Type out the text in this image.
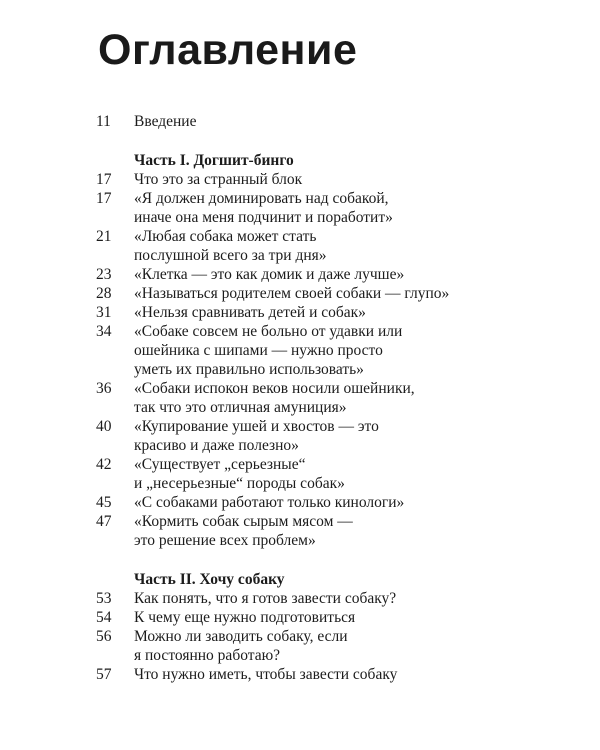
Оглавление
11	Введение
Часть I. Догшит-бинго
17	Что это за странный блок
17	«Я должен доминировать над собакой,
иначе она меня подчинит и поработит»
21	«Любая собака может стать
послушной всего за три дня»
23	«Клетка — это как домик и даже лучше»
28	«Называться родителем своей собаки — глупо»
31	«Нельзя сравнивать детей и собак»
34	«Собаке совсем не больно от удавки или
ошейника с шипами — нужно просто
уметь их правильно использовать»
36	«Собаки испокон веков носили ошейники,
так что это отличная амуниция»
40	«Купирование ушей и хвостов — это
красиво и даже полезно»
42	«Существует „серьезные“
и „несерьезные“ породы собак»
45	«С собаками работают только кинологи»
47	«Кормить собак сырым мясом —
это решение всех проблем»
Часть II. Хочу собаку
53	Как понять, что я готов завести собаку?
54	К чему еще нужно подготовиться
56	Можно ли заводить собаку, если
я постоянно работаю?
57	Что нужно иметь, чтобы завести собаку
